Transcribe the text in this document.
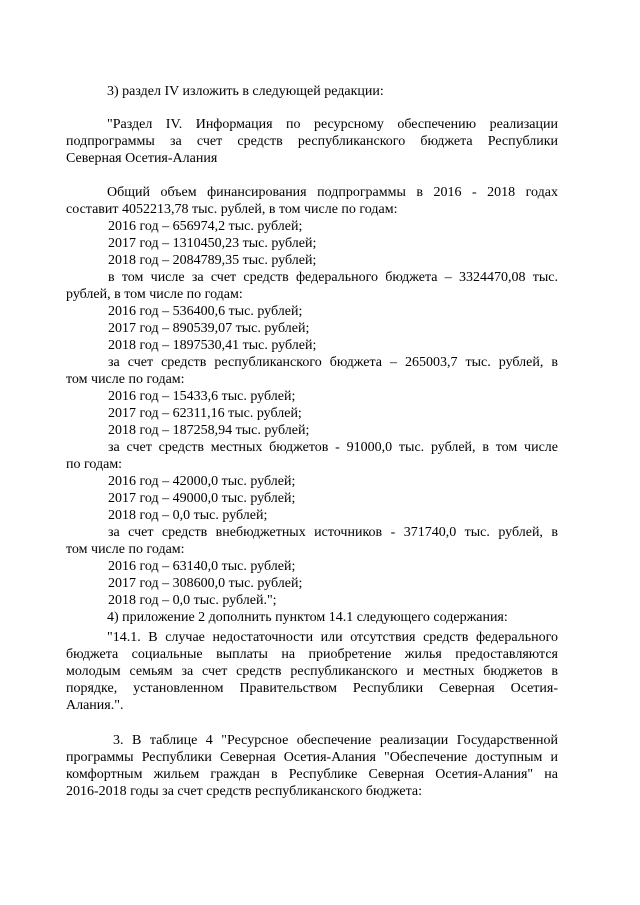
3) раздел IV изложить в следующей редакции:
"Раздел IV. Информация по ресурсному обеспечению реализации
подпрограммы за счет средств республиканского бюджета Республики
Северная Осетия-Алания
Общий объем финансирования подпрограммы в 2016 - 2018 годах
составит 4052213,78 тыс. рублей, в том числе по годам:
2016 год – 656974,2 тыс. рублей;
2017 год – 1310450,23 тыс. рублей;
2018 год – 2084789,35 тыс. рублей;
в том числе за счет средств федерального бюджета – 3324470,08 тыс.
рублей, в том числе по годам:
2016 год – 536400,6 тыс. рублей;
2017 год – 890539,07 тыс. рублей;
2018 год – 1897530,41 тыс. рублей;
за счет средств республиканского бюджета – 265003,7 тыс. рублей, в
том числе по годам:
2016 год – 15433,6 тыс. рублей;
2017 год – 62311,16 тыс. рублей;
2018 год – 187258,94 тыс. рублей;
за счет средств местных бюджетов - 91000,0 тыс. рублей, в том числе
по годам:
2016 год – 42000,0 тыс. рублей;
2017 год – 49000,0 тыс. рублей;
2018 год – 0,0 тыс. рублей;
за счет средств внебюджетных источников - 371740,0 тыс. рублей, в
том числе по годам:
2016 год – 63140,0 тыс. рублей;
2017 год – 308600,0 тыс. рублей;
2018 год – 0,0 тыс. рублей.";
4) приложение 2 дополнить пунктом 14.1 следующего содержания:
"14.1. В случае недостаточности или отсутствия средств федерального
бюджета социальные выплаты на приобретение жилья предоставляются
молодым семьям за счет средств республиканского и местных бюджетов в
порядке, установленном Правительством Республики Северная Осетия-
Алания.".
3. В таблице 4 "Ресурсное обеспечение реализации Государственной
программы Республики Северная Осетия-Алания "Обеспечение доступным и
комфортным жильем граждан в Республике Северная Осетия-Алания" на
2016-2018 годы за счет средств республиканского бюджета:
